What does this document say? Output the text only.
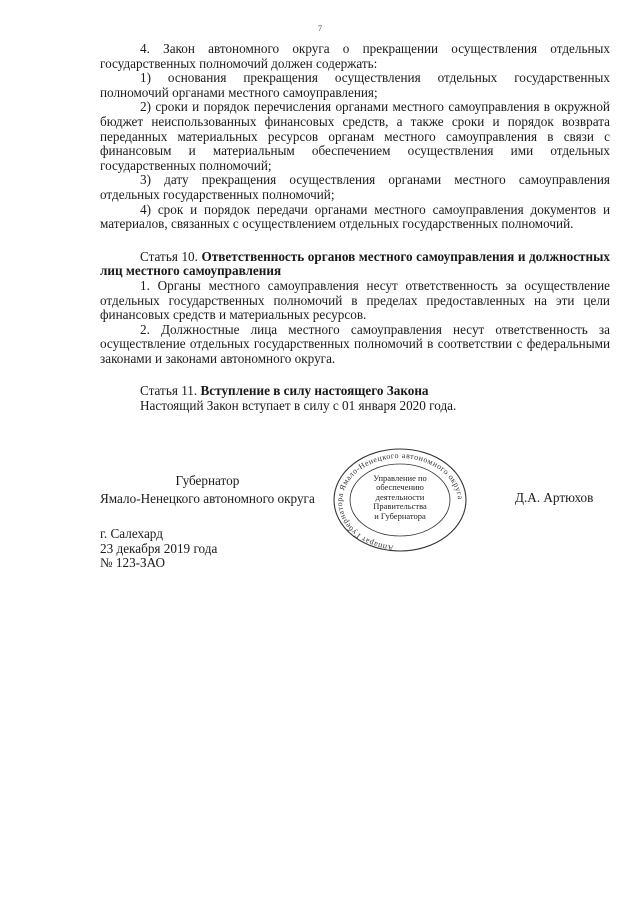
7

4. Закон автономного округа о прекращении осуществления отдельных государственных полномочий должен содержать:

1) основания прекращения осуществления отдельных государственных полномочий органами местного самоуправления;

2) сроки и порядок перечисления органами местного самоуправления в окружной бюджет неиспользованных финансовых средств, а также сроки и порядок возврата переданных материальных ресурсов органам местного самоуправления в связи с финансовым и материальным обеспечением осуществления ими отдельных государственных полномочий;

3) дату прекращения осуществления органами местного самоуправления отдельных государственных полномочий;

4) срок и порядок передачи органами местного самоуправления документов и материалов, связанных с осуществлением отдельных государственных полномочий.

Статья 10. Ответственность органов местного самоуправления и должностных лиц местного самоуправления

1. Органы местного самоуправления несут ответственность за осуществление отдельных государственных полномочий в пределах предоставленных на эти цели финансовых средств и материальных ресурсов.

2. Должностные лица местного самоуправления несут ответственность за осуществление отдельных государственных полномочий в соответствии с федеральными законами и законами автономного округа.

Статья 11. Вступление в силу настоящего Закона

Настоящий Закон вступает в силу с 01 января 2020 года.

Губернатор
Ямало-Ненецкого автономного округа
Аппарат Губернатора Ямало-Ненецкого автономного округа
Управление по
обеспечению
деятельности
Правительства
и Губернатора
Д.А. Артюхов
г. Салехард
23 декабря 2019 года
№ 123-ЗАО
